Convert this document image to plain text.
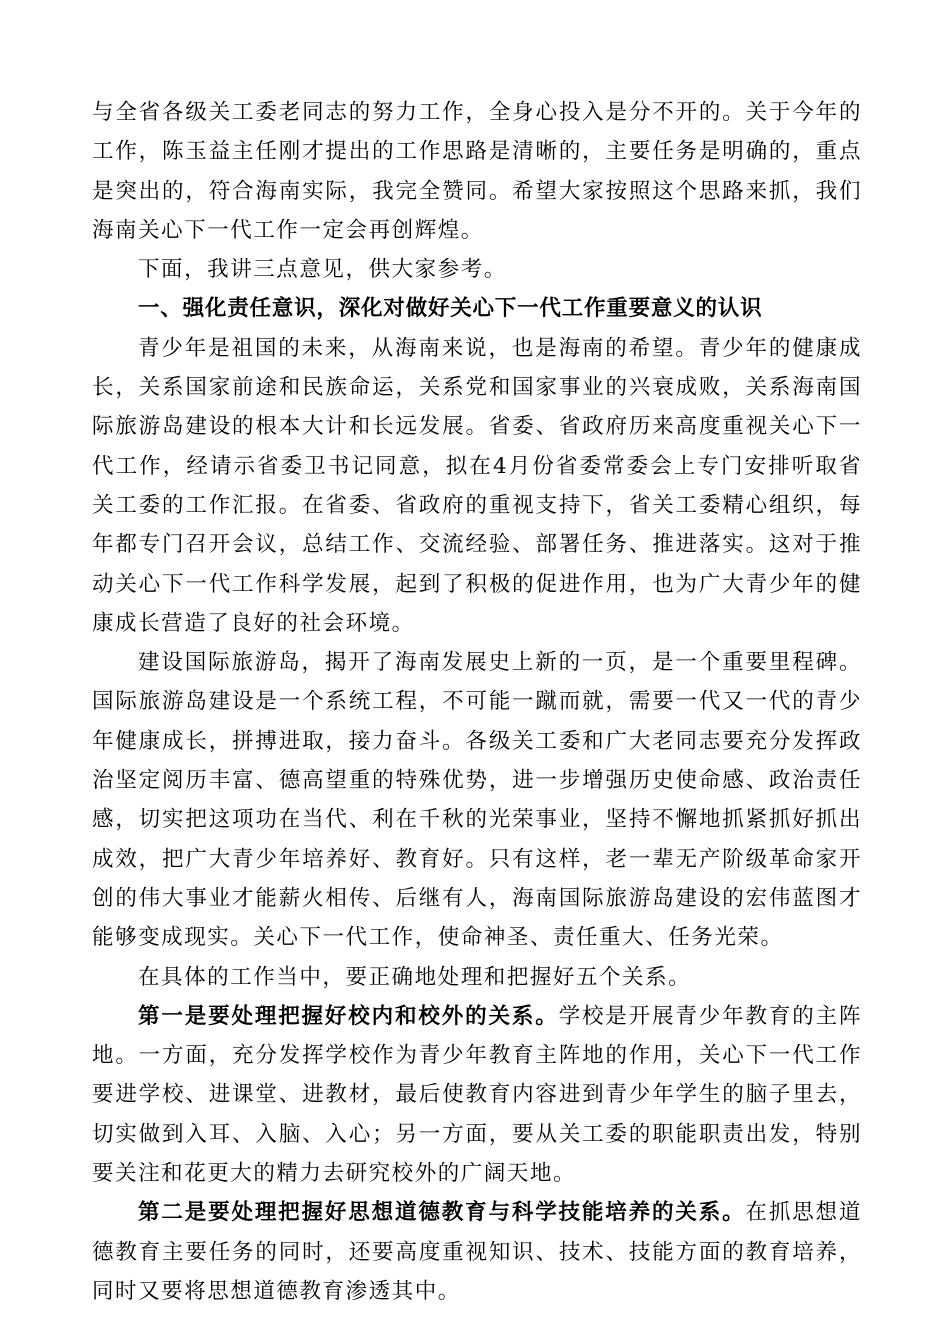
与全省各级关工委老同志的努力工作，全身心投入是分不开的。关于今年的工作，陈玉益主任刚才提出的工作思路是清晰的，主要任务是明确的，重点是突出的，符合海南实际，我完全赞同。希望大家按照这个思路来抓，我们海南关心下一代工作一定会再创辉煌。

下面，我讲三点意见，供大家参考。

一、强化责任意识，深化对做好关心下一代工作重要意义的认识

青少年是祖国的未来，从海南来说，也是海南的希望。青少年的健康成长，关系国家前途和民族命运，关系党和国家事业的兴衰成败，关系海南国际旅游岛建设的根本大计和长远发展。省委、省政府历来高度重视关心下一代工作，经请示省委卫书记同意，拟在4月份省委常委会上专门安排听取省关工委的工作汇报。在省委、省政府的重视支持下，省关工委精心组织，每年都专门召开会议，总结工作、交流经验、部署任务、推进落实。这对于推动关心下一代工作科学发展，起到了积极的促进作用，也为广大青少年的健康成长营造了良好的社会环境。

建设国际旅游岛，揭开了海南发展史上新的一页，是一个重要里程碑。国际旅游岛建设是一个系统工程，不可能一蹴而就，需要一代又一代的青少年健康成长，拼搏进取，接力奋斗。各级关工委和广大老同志要充分发挥政治坚定阅历丰富、德高望重的特殊优势，进一步增强历史使命感、政治责任感，切实把这项功在当代、利在千秋的光荣事业，坚持不懈地抓紧抓好抓出成效，把广大青少年培养好、教育好。只有这样，老一辈无产阶级革命家开创的伟大事业才能薪火相传、后继有人，海南国际旅游岛建设的宏伟蓝图才能够变成现实。关心下一代工作，使命神圣、责任重大、任务光荣。

在具体的工作当中，要正确地处理和把握好五个关系。

第一是要处理把握好校内和校外的关系。学校是开展青少年教育的主阵地。一方面，充分发挥学校作为青少年教育主阵地的作用，关心下一代工作要进学校、进课堂、进教材，最后使教育内容进到青少年学生的脑子里去，切实做到入耳、入脑、入心；另一方面，要从关工委的职能职责出发，特别要关注和花更大的精力去研究校外的广阔天地。

第二是要处理把握好思想道德教育与科学技能培养的关系。在抓思想道德教育主要任务的同时，还要高度重视知识、技术、技能方面的教育培养，同时又要将思想道德教育渗透其中。
